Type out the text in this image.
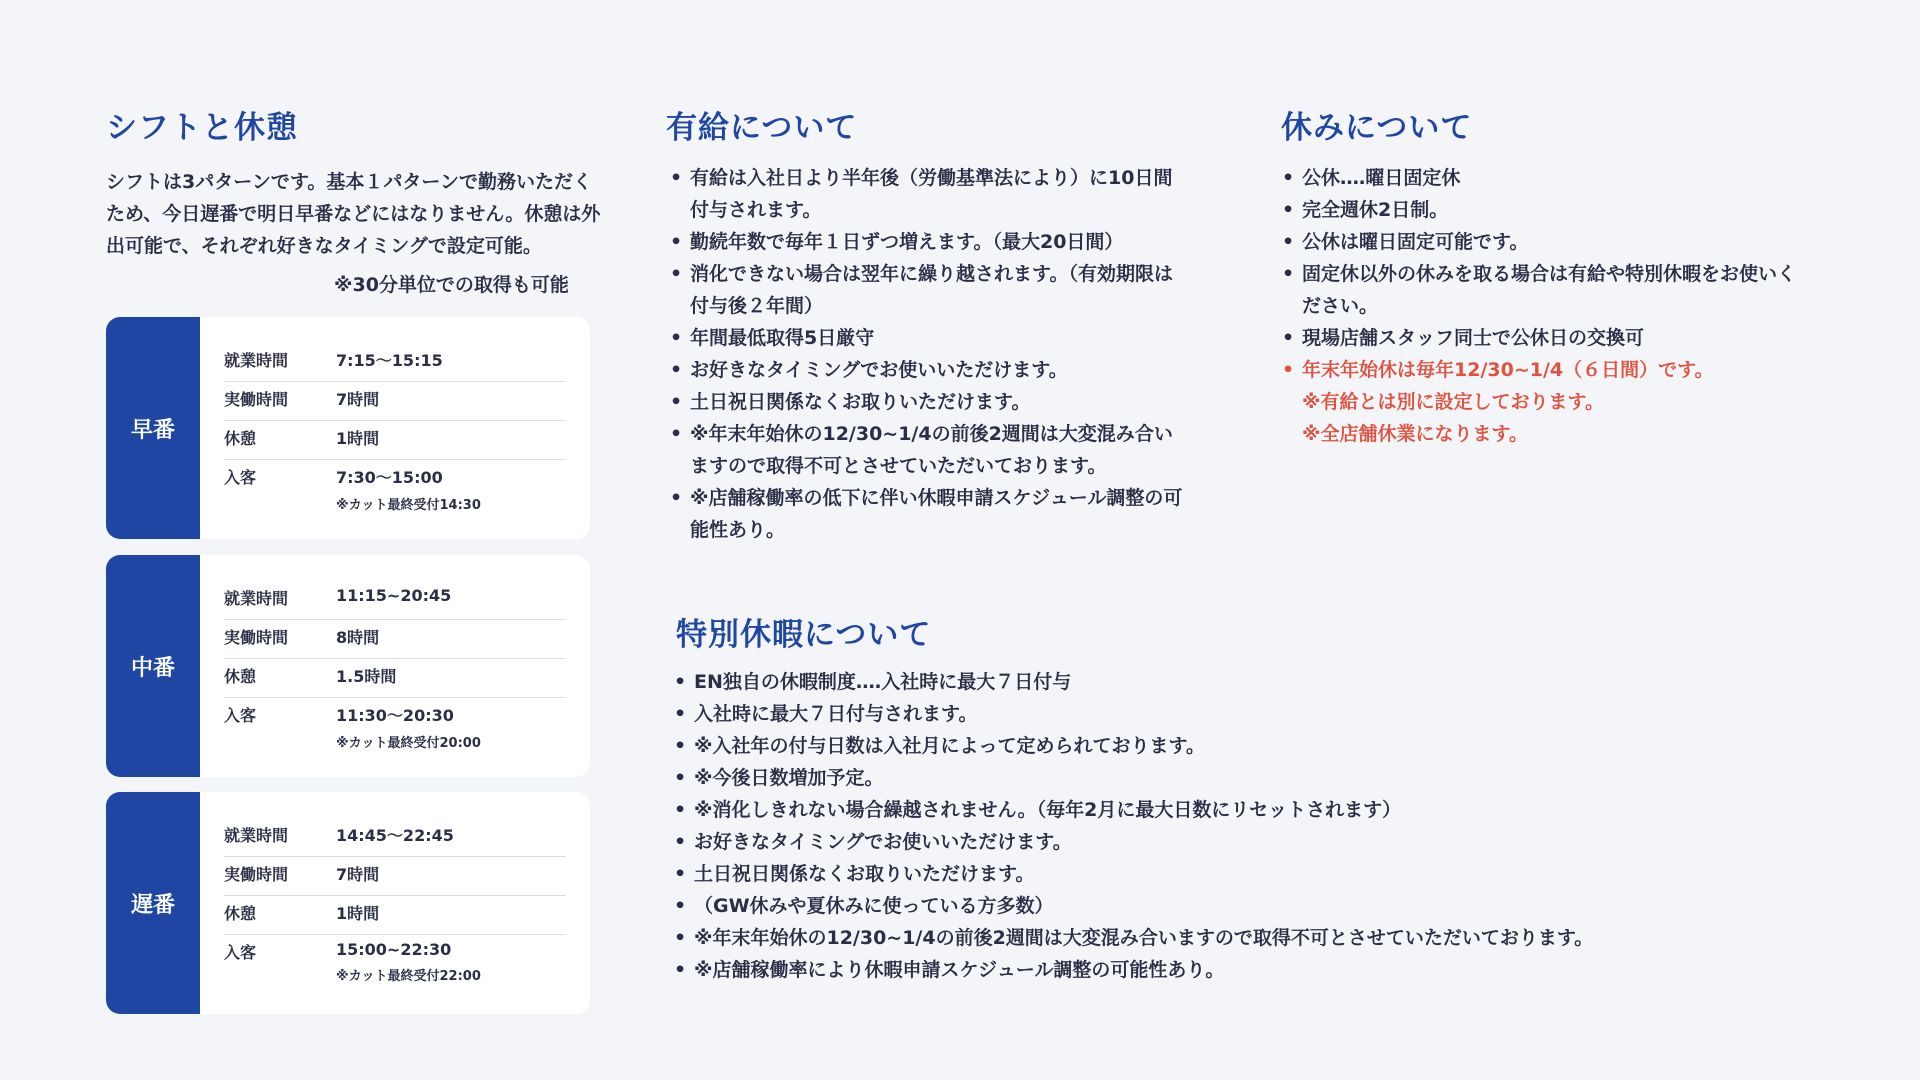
シフトと休憩
シフトは3パターンです。基本１パターンで勤務いただくため、今日遅番で明日早番などにはなりません。休憩は外出可能で、それぞれ好きなタイミングで設定可能。
※30分単位での取得も可能
早番
就業時間	7:15〜15:15
実働時間	7時間
休憩	1時間
入客	7:30〜15:00
※カット最終受付14:30
中番
就業時間	11:15~20:45
実働時間	8時間
休憩	1.5時間
入客	11:30〜20:30
※カット最終受付20:00
遅番
就業時間	14:45〜22:45
実働時間	7時間
休憩	1時間
入客	15:00~22:30
※カット最終受付22:00
有給について
• 有給は入社日より半年後（労働基準法により）に10日間付与されます。
• 勤続年数で毎年１日ずつ増えます。（最大20日間）
• 消化できない場合は翌年に繰り越されます。（有効期限は付与後２年間）
• 年間最低取得5日厳守
• お好きなタイミングでお使いいただけます。
• 土日祝日関係なくお取りいただけます。
• ※年末年始休の12/30~1/4の前後2週間は大変混み合いますので取得不可とさせていただいております。
• ※店舗稼働率の低下に伴い休暇申請スケジュール調整の可能性あり。
休みについて
• 公休‥‥曜日固定休
• 完全週休2日制。
• 公休は曜日固定可能です。
• 固定休以外の休みを取る場合は有給や特別休暇をお使いください。
• 現場店舗スタッフ同士で公休日の交換可
• 年末年始休は毎年12/30~1/4（６日間）です。
※有給とは別に設定しております。
※全店舗休業になります。
特別休暇について
• EN独自の休暇制度‥‥入社時に最大７日付与
• 入社時に最大７日付与されます。
• ※入社年の付与日数は入社月によって定められております。
• ※今後日数増加予定。
• ※消化しきれない場合繰越されません。（毎年2月に最大日数にリセットされます）
• お好きなタイミングでお使いいただけます。
• 土日祝日関係なくお取りいただけます。
• （GW休みや夏休みに使っている方多数）
• ※年末年始休の12/30~1/4の前後2週間は大変混み合いますので取得不可とさせていただいております。
• ※店舗稼働率により休暇申請スケジュール調整の可能性あり。
